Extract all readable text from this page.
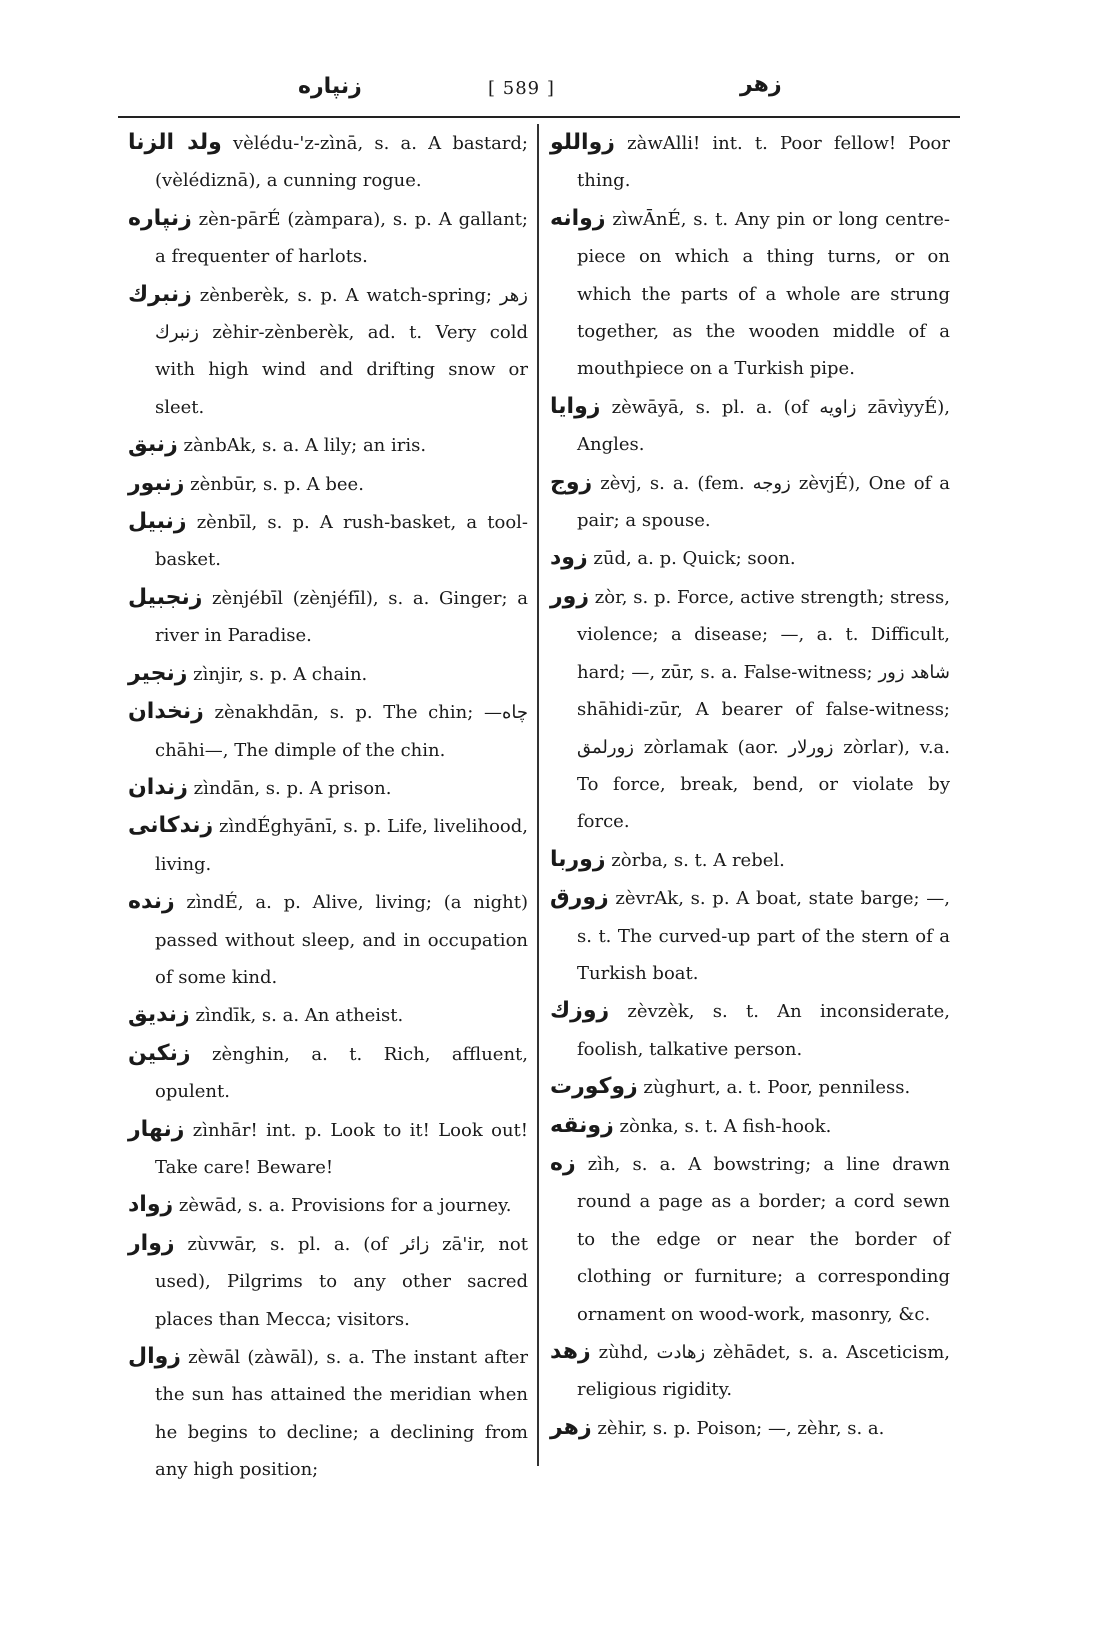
زنپاره	[ 589 ]	زهر

ولد الزنا vèlédu-'z-zìnā, s. a. A bastard; (vèlédiznā), a cunning rogue.

زنپاره zèn-pārÉ (zàmpara), s. p. A gallant; a frequenter of harlots.

زنبرك zènberèk, s. p. A watch-spring; زهر زنبرك zèhir-zènberèk, ad. t. Very cold with high wind and drifting snow or sleet.

زنبق zànbAk, s. a. A lily; an iris.

زنبور zènbūr, s. p. A bee.

زنبيل zènbīl, s. p. A rush-basket, a tool-basket.

زنجبيل zènjébīl (zènjéfīl), s. a. Ginger; a river in Paradise.

زنجير zìnjir, s. p. A chain.

زنخدان zènakhdān, s. p. The chin; —چاه chāhi—, The dimple of the chin.

زندان zìndān, s. p. A prison.

زندكانى zìndÉghyānī, s. p. Life, livelihood, living.

زنده zìndÉ, a. p. Alive, living; (a night) passed without sleep, and in occupation of some kind.

زنديق zìndīk, s. a. An atheist.

زنكين zènghin, a. t. Rich, affluent, opulent.

زنهار zìnhār! int. p. Look to it! Look out! Take care! Beware!

زواد zèwād, s. a. Provisions for a journey.

زوار zùvwār, s. pl. a. (of زائر zā'ir, not used), Pilgrims to any other sacred places than Mecca; visitors.

زوال zèwāl (zàwāl), s. a. The instant after the sun has attained the meridian when he begins to decline; a declining from any high position;

زواللو zàwAlli! int. t. Poor fellow! Poor thing.

زوانه zìwĀnÉ, s. t. Any pin or long centre-piece on which a thing turns, or on which the parts of a whole are strung together, as the wooden middle of a mouthpiece on a Turkish pipe.

زوايا zèwāyā, s. pl. a. (of زاويه zāvìyyÉ), Angles.

زوج zèvj, s. a. (fem. زوجه zèvjÉ), One of a pair; a spouse.

زود zūd, a. p. Quick; soon.

زور zòr, s. p. Force, active strength; stress, violence; a disease; —, a. t. Difficult, hard; —, zūr, s. a. False-witness; شاهد زور shāhidi-zūr, A bearer of false-witness; زورلمق zòrlamak (aor. زورلار zòrlar), v.a. To force, break, bend, or violate by force.

زوربا zòrba, s. t. A rebel.

زورق zèvrAk, s. p. A boat, state barge; —, s. t. The curved-up part of the stern of a Turkish boat.

زوزك zèvzèk, s. t. An inconsiderate, foolish, talkative person.

زوكورت zùghurt, a. t. Poor, penniless.

زونقه zònka, s. t. A fish-hook.

زه zìh, s. a. A bowstring; a line drawn round a page as a border; a cord sewn to the edge or near the border of clothing or furniture; a corresponding ornament on wood-work, masonry, &c.

زهد zùhd, زهادت zèhādet, s. a. Asceticism, religious rigidity.

زهر zèhir, s. p. Poison; —, zèhr, s. a.
